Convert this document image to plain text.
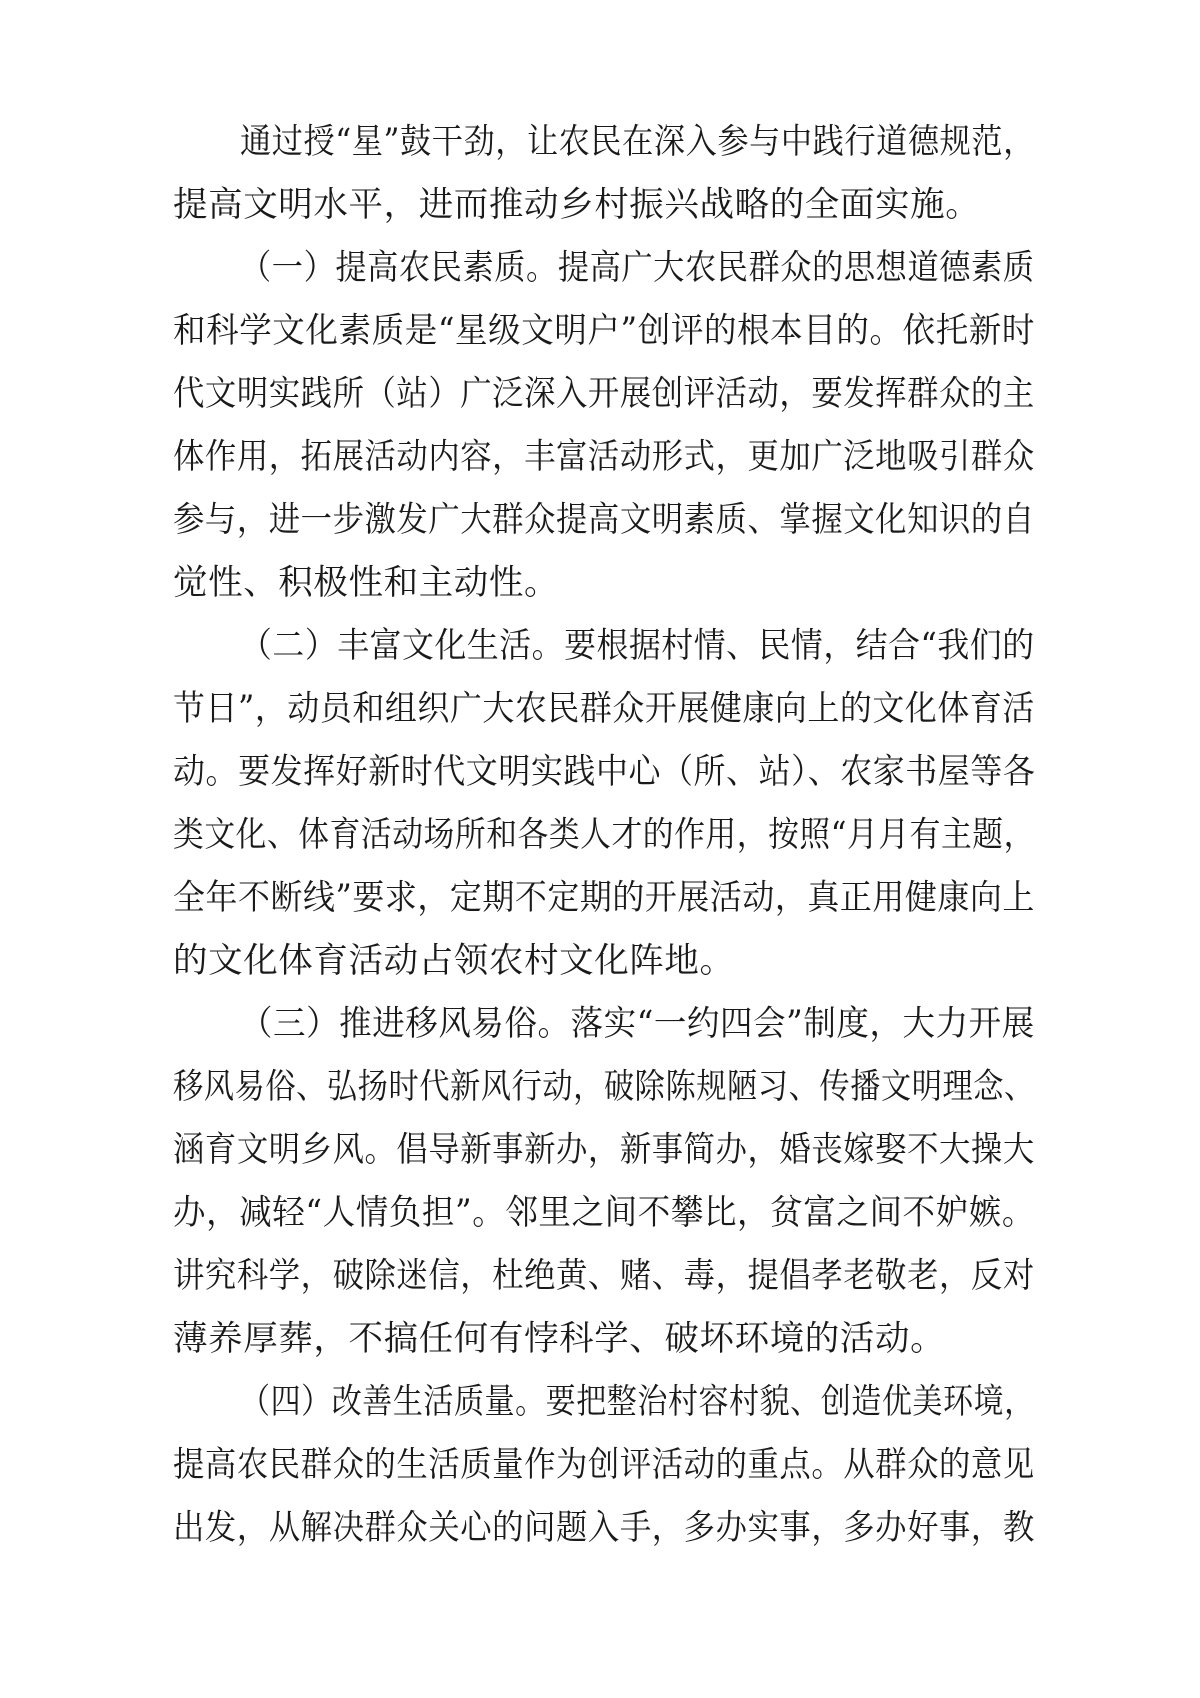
通过授“星”鼓干劲，让农民在深入参与中践行道德规范，
提高文明水平，进而推动乡村振兴战略的全面实施。
（一）提高农民素质。提高广大农民群众的思想道德素质
和科学文化素质是“星级文明户”创评的根本目的。依托新时
代文明实践所（站）广泛深入开展创评活动，要发挥群众的主
体作用，拓展活动内容，丰富活动形式，更加广泛地吸引群众
参与，进一步激发广大群众提高文明素质、掌握文化知识的自
觉性、积极性和主动性。
（二）丰富文化生活。要根据村情、民情，结合“我们的
节日”，动员和组织广大农民群众开展健康向上的文化体育活
动。要发挥好新时代文明实践中心（所、站）、农家书屋等各
类文化、体育活动场所和各类人才的作用，按照“月月有主题，
全年不断线”要求，定期不定期的开展活动，真正用健康向上
的文化体育活动占领农村文化阵地。
（三）推进移风易俗。落实“一约四会”制度，大力开展
移风易俗、弘扬时代新风行动，破除陈规陋习、传播文明理念、
涵育文明乡风。倡导新事新办，新事简办，婚丧嫁娶不大操大
办，减轻“人情负担”。邻里之间不攀比，贫富之间不妒嫉。
讲究科学，破除迷信，杜绝黄、赌、毒，提倡孝老敬老，反对
薄养厚葬，不搞任何有悖科学、破坏环境的活动。
（四）改善生活质量。要把整治村容村貌、创造优美环境，
提高农民群众的生活质量作为创评活动的重点。从群众的意见
出发，从解决群众关心的问题入手，多办实事，多办好事，教
